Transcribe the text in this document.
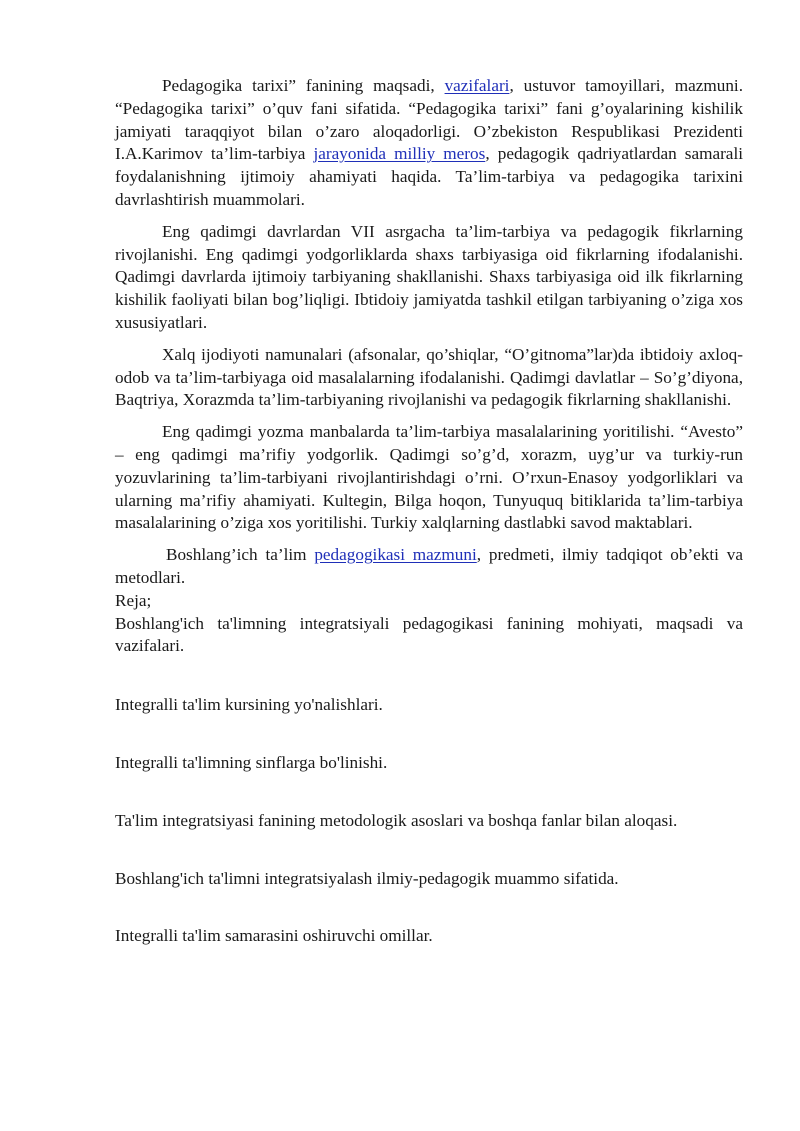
Pedagogika tarixi” fanining maqsadi, vazifalari, ustuvor tamoyillari, mazmuni. “Pedagogika tarixi” o’quv fani sifatida. “Pedagogika tarixi” fani g’oyalarining kishilik jamiyati taraqqiyot bilan o’zaro aloqadorligi. O’zbekiston Respublikasi Prezidenti I.A.Karimov ta’lim-tarbiya jarayonida milliy meros, pedagogik qadriyatlardan samarali foydalanishning ijtimoiy ahamiyati haqida. Ta’lim-tarbiya va pedagogika tarixini davrlashtirish muammolari.

Eng qadimgi davrlardan VII asrgacha ta’lim-tarbiya va pedagogik fikrlarning rivojlanishi. Eng qadimgi yodgorliklarda shaxs tarbiyasiga oid fikrlarning ifodalanishi. Qadimgi davrlarda ijtimoiy tarbiyaning shakllanishi. Shaxs tarbiyasiga oid ilk fikrlarning kishilik faoliyati bilan bog’liqligi. Ibtidoiy jamiyatda tashkil etilgan tarbiyaning o’ziga xos xususiyatlari.

Xalq ijodiyoti namunalari (afsonalar, qo’shiqlar, “O’gitnoma”lar)da ibtidoiy axloq-odob va ta’lim-tarbiyaga oid masalalarning ifodalanishi. Qadimgi davlatlar – So’g’diyona, Baqtriya, Xorazmda ta’lim-tarbiyaning rivojlanishi va pedagogik fikrlarning shakllanishi.

Eng qadimgi yozma manbalarda ta’lim-tarbiya masalalarining yoritilishi. “Avesto” – eng qadimgi ma’rifiy yodgorlik. Qadimgi so’g’d, xorazm, uyg’ur va turkiy-run yozuvlarining ta’lim-tarbiyani rivojlantirishdagi o’rni. O’rxun-Enasoy yodgorliklari va ularning ma’rifiy ahamiyati. Kultegin, Bilga hoqon, Tunyuquq bitiklarida ta’lim-tarbiya masalalarining o’ziga xos yoritilishi. Turkiy xalqlarning dastlabki savod maktablari.

Boshlang’ich ta’lim pedagogikasi mazmuni, predmeti, ilmiy tadqiqot ob’ekti va metodlari.

Reja;

Boshlang'ich ta'limning integratsiyali pedagogikasi fanining mohiyati, maqsadi va vazifalari.

Integralli ta'lim kursining yo'nalishlari.

Integralli ta'limning sinflarga bo'linishi.

Ta'lim integratsiyasi fanining metodologik asoslari va boshqa fanlar bilan aloqasi.

Boshlang'ich ta'limni integratsiyalash ilmiy-pedagogik muammo sifatida.

Integralli ta'lim samarasini oshiruvchi omillar.
